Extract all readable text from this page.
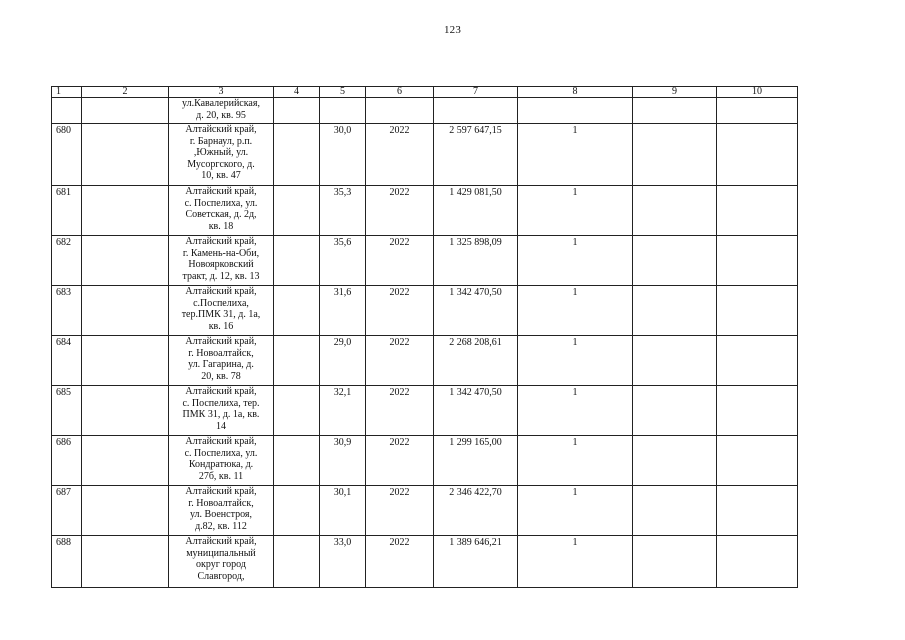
123
1	2	3	4	5	6	7	8	9	10

		ул.Кавалерийская,
д. 20, кв. 95							

680		Алтайский край,
г. Барнаул, р.п.
,Южный, ул.
Мусоргского, д.
10, кв. 47		30,0	2022	2 597 647,15	1		
681		Алтайский край,
с. Поспелиха, ул.
Советская, д. 2д,
кв. 18		35,3	2022	1 429 081,50	1		
682		Алтайский край,
г. Камень-на-Оби,
Новоярковский
тракт, д. 12, кв. 13		35,6	2022	1 325 898,09	1		
683		Алтайский край,
с.Поспелиха,
тер.ПМК 31, д. 1а,
кв. 16		31,6	2022	1 342 470,50	1		
684		Алтайский край,
г. Новоалтайск,
ул. Гагарина, д.
20, кв. 78		29,0	2022	2 268 208,61	1		
685		Алтайский край,
с. Поспелиха, тер.
ПМК 31, д. 1а, кв.
14		32,1	2022	1 342 470,50	1		
686		Алтайский край,
с. Поспелиха, ул.
Кондратюка, д.
27б, кв. 11		30,9	2022	1 299 165,00	1		
687		Алтайский край,
г. Новоалтайск,
ул. Военстроя,
д.82, кв. 112		30,1	2022	2 346 422,70	1		
688		Алтайский край,
муниципальный
округ город
Славгород,		33,0	2022	1 389 646,21	1		
